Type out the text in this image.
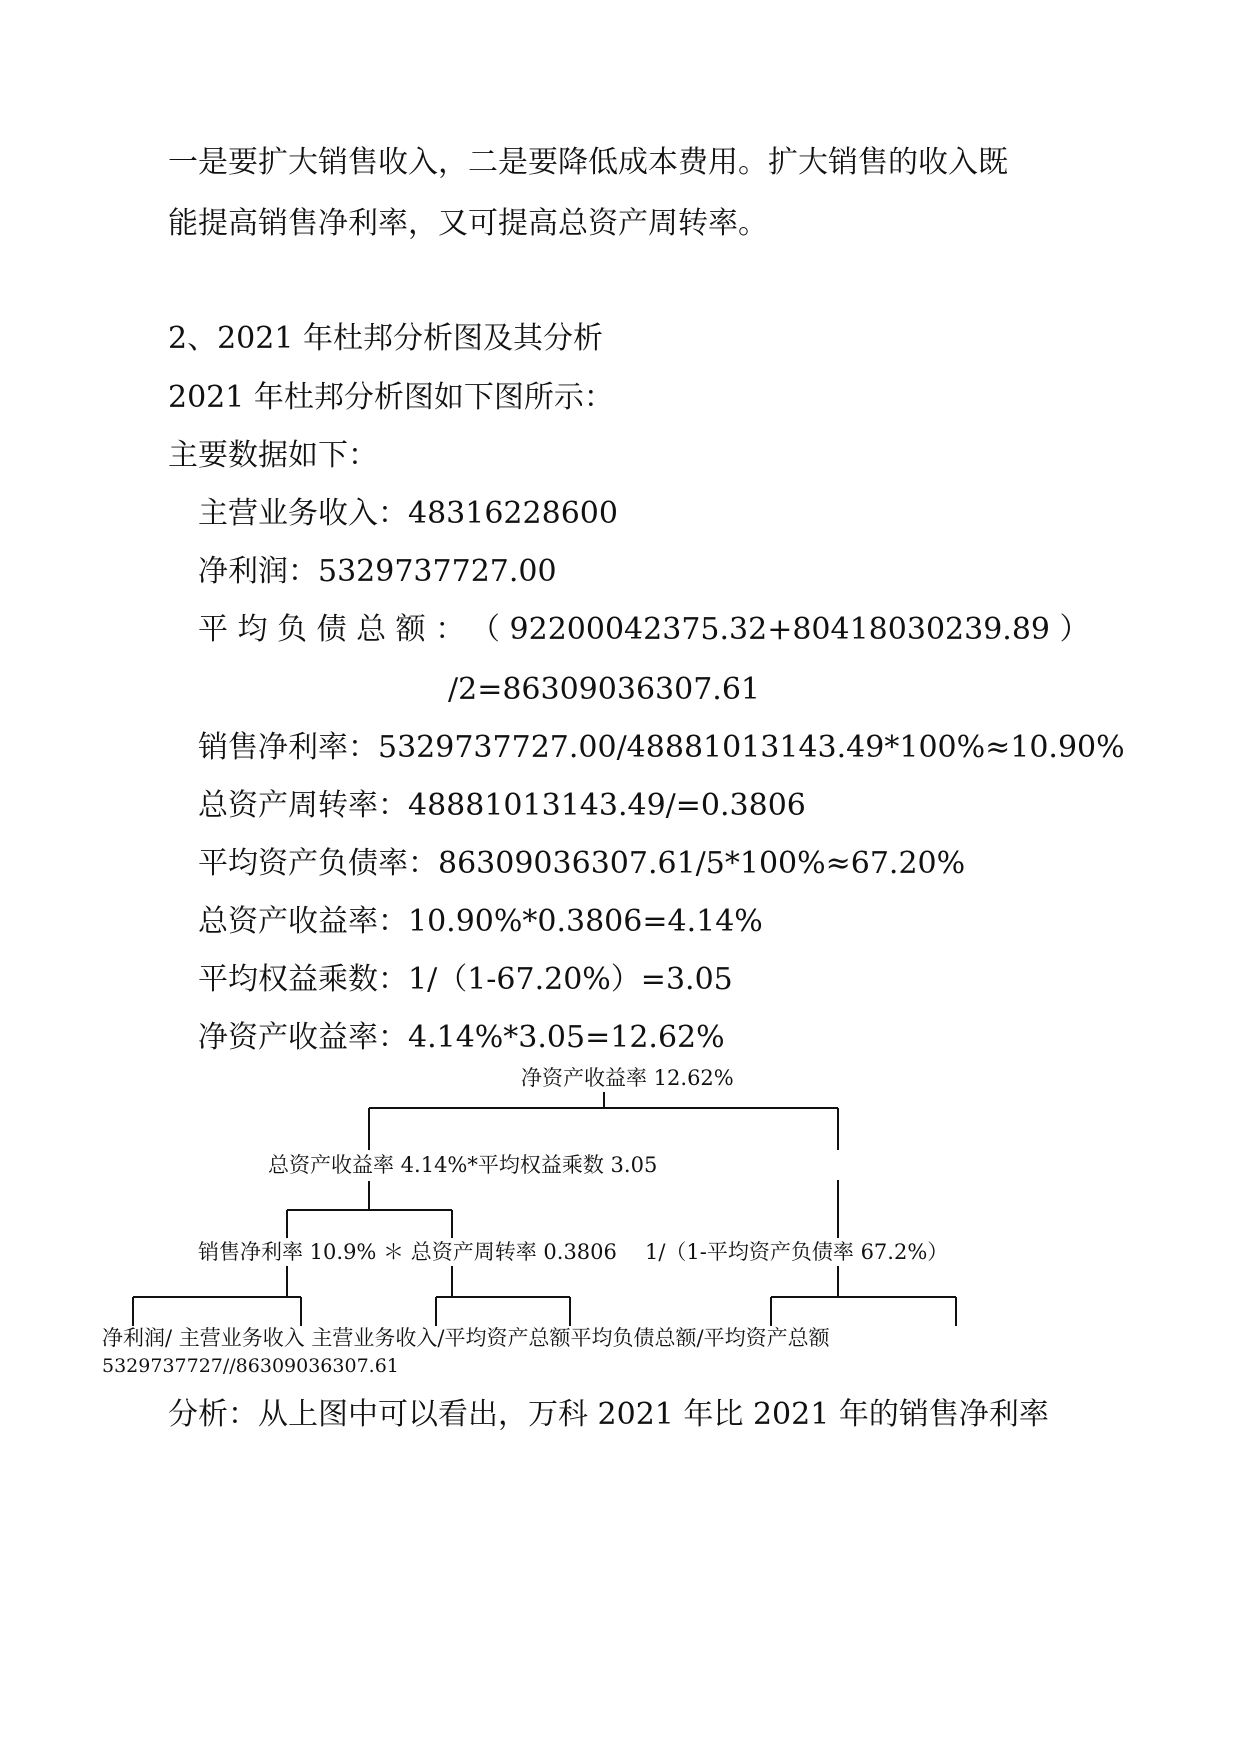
一是要扩大销售收入，二是要降低成本费用。扩大销售的收入既
能提高销售净利率，又可提高总资产周转率。
2、2021 年杜邦分析图及其分析
2021 年杜邦分析图如下图所示：
主要数据如下：
主营业务收入：48316228600
净利润：5329737727.00
平 均 负 债 总 额 ： （ 92200042375.32+80418030239.89 ）
/2=86309036307.61
销售净利率：5329737727.00/48881013143.49*100%≈10.90%
总资产周转率：48881013143.49/=0.3806
平均资产负债率：86309036307.61/5*100%≈67.20%
总资产收益率：10.90%*0.3806=4.14%
平均权益乘数：1/（1-67.20%）=3.05
净资产收益率：4.14%*3.05=12.62%
净资产收益率 12.62%
总资产收益率 4.14%*平均权益乘数 3.05
销售净利率 10.9% ＊ 总资产周转率 0.3806 1/（1-平均资产负债率 67.2%）
净利润/ 主营业务收入 主营业务收入/平均资产总额平均负债总额/平均资产总额
5329737727//86309036307.61
分析：从上图中可以看出，万科 2021 年比 2021 年的销售净利率
